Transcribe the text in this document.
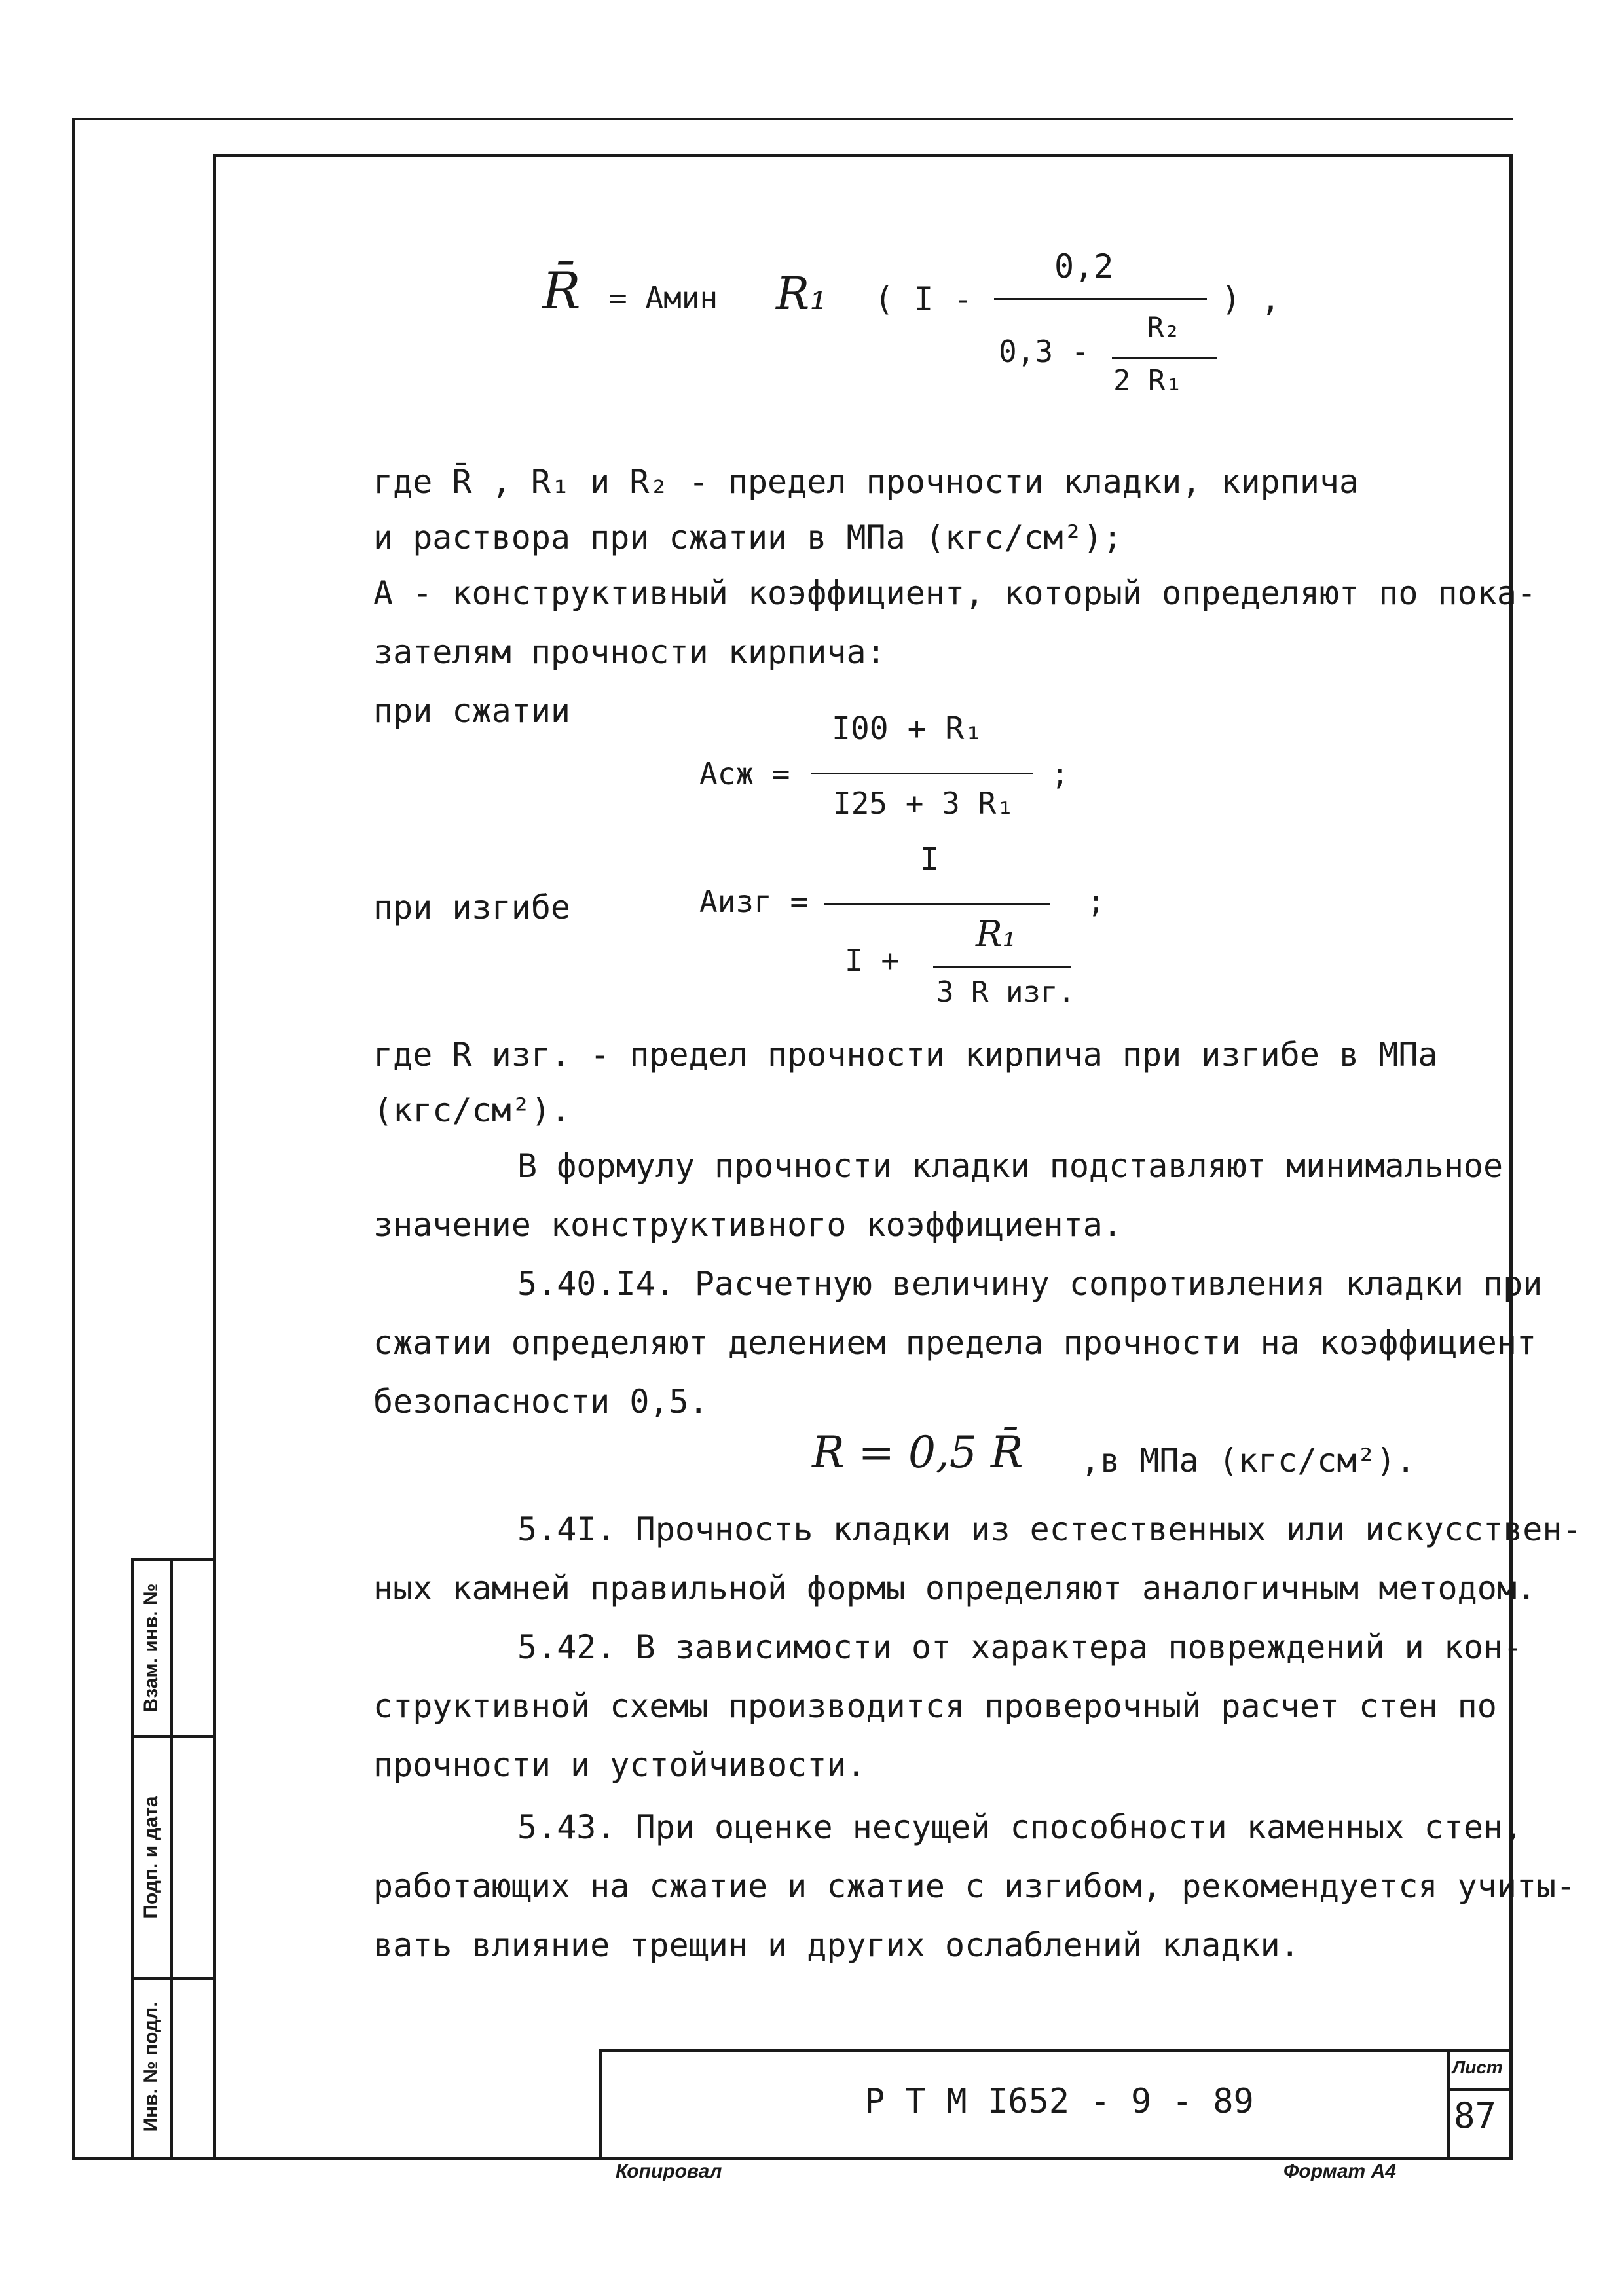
Взам. инв. №
Подп. и дата
Инв. № подл.	Р Т М I652 - 9 - 89
Лист
87
Копировал	Формат А4
R̄ = Амин R₁ ( I -
0,2
) ,
0,3 -
R₂
2 R₁
где R̄ , R₁ и R₂ - предел прочности кладки, кирпича
и раствора при сжатии в МПа (кгс/см²);
А - конструктивный коэффициент, который определяют по пока-
зателям прочности кирпича:
при сжатии
Асж =
I00 + R₁
I25 + 3 R₁
;
при изгибе	Аизг =
I
;
I +
R₁
3 R изг.
где R изг. - предел прочности кирпича при изгибе в МПа
(кгс/см²).
В формулу прочности кладки подставляют минимальное
значение конструктивного коэффициента.
5.40.I4. Расчетную величину сопротивления кладки при
сжатии определяют делением предела прочности на коэффициент
безопасности 0,5.
R = 0,5 R̄ ,в МПа (кгс/см²).
5.4I. Прочность кладки из естественных или искусствен-
ных камней правильной формы определяют аналогичным методом.
5.42. В зависимости от характера повреждений и кон-
структивной схемы производится проверочный расчет стен по
прочности и устойчивости.
5.43. При оценке несущей способности каменных стен,
работающих на сжатие и сжатие с изгибом, рекомендуется учиты-
вать влияние трещин и других ослаблений кладки.
